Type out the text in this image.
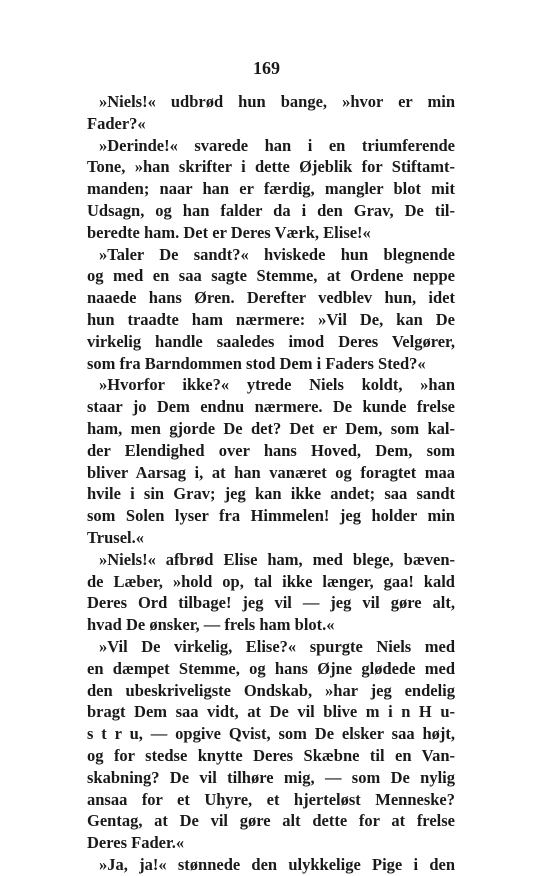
169
»Niels!« udbrød hun bange, »hvor er min
Fader?«
»Derinde!« svarede han i en triumferende
Tone, »han skrifter i dette Øjeblik for Stiftamt-
manden; naar han er færdig, mangler blot mit
Udsagn, og han falder da i den Grav, De til-
beredte ham. Det er Deres Værk, Elise!«
»Taler De sandt?« hviskede hun blegnende
og med en saa sagte Stemme, at Ordene neppe
naaede hans Øren. Derefter vedblev hun, idet
hun traadte ham nærmere: »Vil De, kan De
virkelig handle saaledes imod Deres Velgører,
som fra Barndommen stod Dem i Faders Sted?«
»Hvorfor ikke?« ytrede Niels koldt, »han
staar jo Dem endnu nærmere. De kunde frelse
ham, men gjorde De det? Det er Dem, som kal-
der Elendighed over hans Hoved, Dem, som
bliver Aarsag i, at han vanæret og foragtet maa
hvile i sin Grav; jeg kan ikke andet; saa sandt
som Solen lyser fra Himmelen! jeg holder min
Trusel.«
»Niels!« afbrød Elise ham, med blege, bæven-
de Læber, »hold op, tal ikke længer, gaa! kald
Deres Ord tilbage! jeg vil — jeg vil gøre alt,
hvad De ønsker, — frels ham blot.«
»Vil De virkelig, Elise?« spurgte Niels med
en dæmpet Stemme, og hans Øjne glødede med
den ubeskriveligste Ondskab, »har jeg endelig
bragt Dem saa vidt, at De vil blive m i n H u-
s t r u, — opgive Qvist, som De elsker saa højt,
og for stedse knytte Deres Skæbne til en Van-
skabning? De vil tilhøre mig, — som De nylig
ansaa for et Uhyre, et hjerteløst Menneske?
Gentag, at De vil gøre alt dette for at frelse
Deres Fader.«
»Ja, ja!« stønnede den ulykkelige Pige i den
